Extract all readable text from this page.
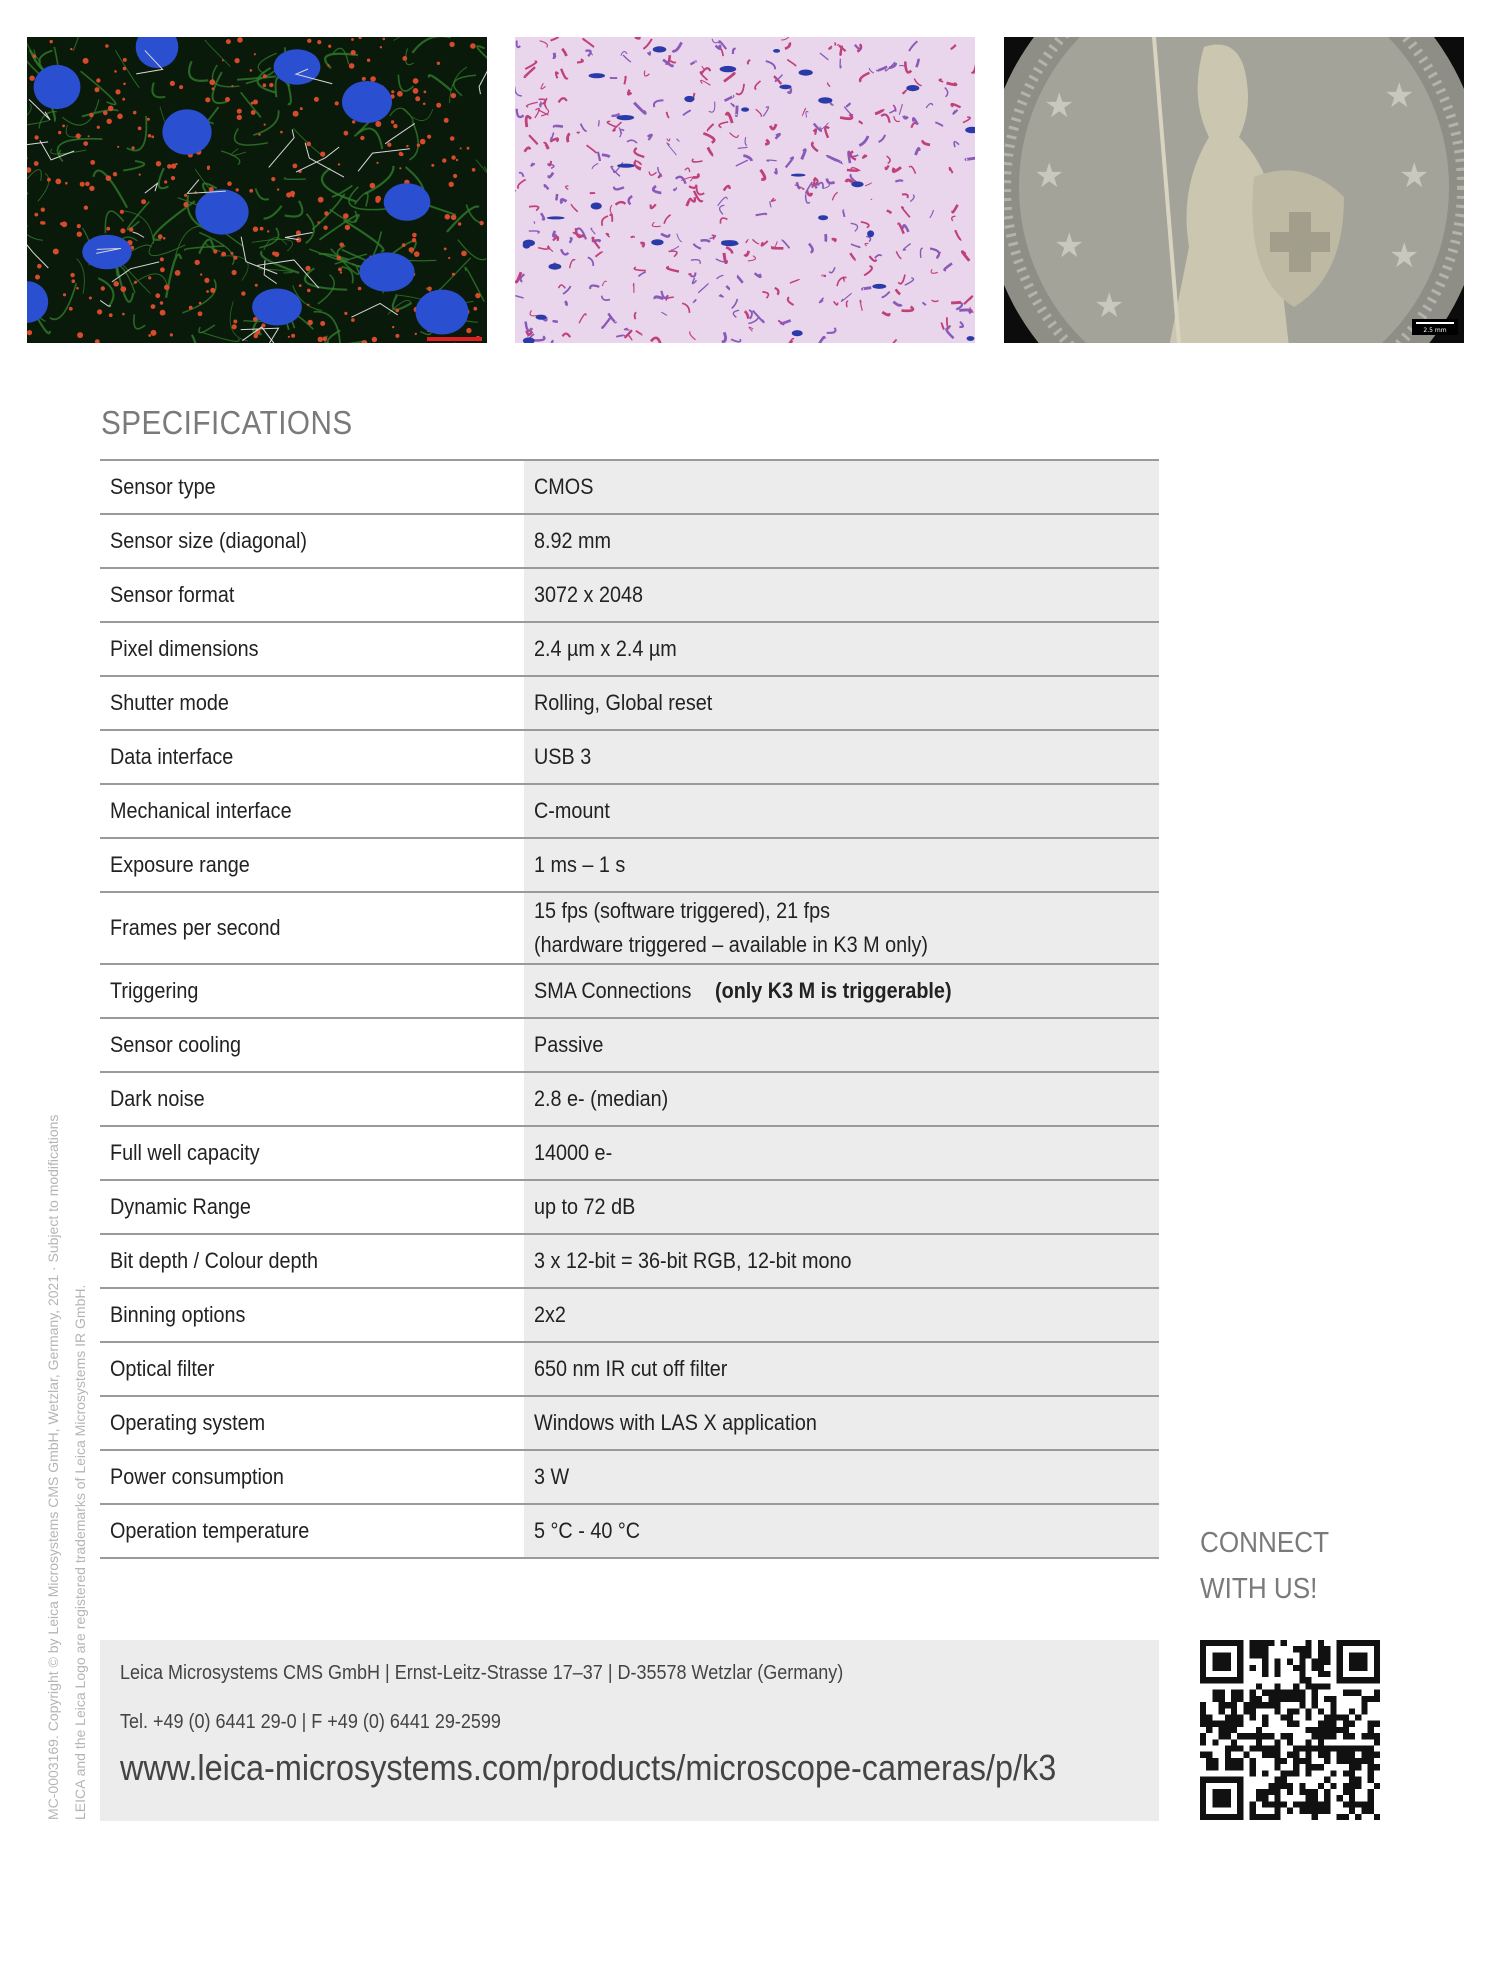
★
★
★
★
★
★
★
2.5 mm
SPECIFICATIONS
Sensor type	CMOS
Sensor size (diagonal)	8.92 mm
Sensor format	3072 x 2048
Pixel dimensions	2.4 µm x 2.4 µm
Shutter mode	Rolling, Global reset
Data interface	USB 3
Mechanical interface	C-mount
Exposure range	1 ms – 1 s
Frames per second	15 fps (software triggered), 21 fps
(hardware triggered – available in K3 M only)
Triggering	SMA Connections (only K3 M is triggerable)
Sensor cooling	Passive
Dark noise	2.8 e- (median)
Full well capacity	14000 e-
Dynamic Range	up to 72 dB
Bit depth / Colour depth	3 x 12-bit = 36-bit RGB, 12-bit mono
Binning options	2x2
Optical filter	650 nm IR cut off filter
Operating system	Windows with LAS X application
Power consumption	3 W
Operation temperature	5 °C - 40 °C
MC-0003169. Copyright © by Leica Microsystems CMS GmbH, Wetzlar, Germany, 2021 · Subject to modifications LEICA and the Leica Logo are registered trademarks of Leica Microsystems IR GmbH.	Leica Microsystems CMS GmbH | Ernst-Leitz-Strasse 17–37 | D-35578 Wetzlar (Germany)
Tel. +49 (0) 6441 29-0 | F +49 (0) 6441 29-2599
www.leica-microsystems.com/products/microscope-cameras/p/k3
CONNECT
WITH US!
